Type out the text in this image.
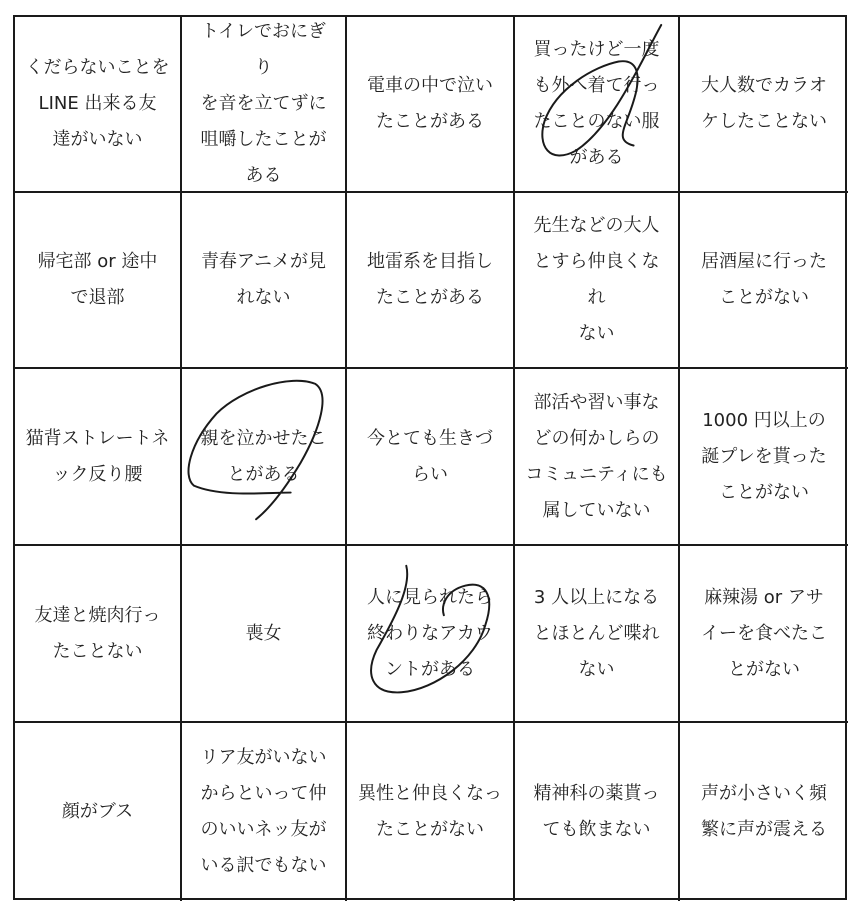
くだらないことを
LINE 出来る友
達がいない
トイレでおにぎり
を音を立てずに
咀嚼したことが
ある
電車の中で泣い
たことがある
買ったけど一度
も外へ着て行っ
たことのない服
がある
大人数でカラオ
ケしたことない
帰宅部 or 途中
で退部
青春アニメが見
れない
地雷系を目指し
たことがある
先生などの大人
とすら仲良くなれ
ない
居酒屋に行った
ことがない
猫背ストレートネ
ック反り腰
親を泣かせたこ
とがある
今とても生きづ
らい
部活や習い事な
どの何かしらの
コミュニティにも
属していない
1000 円以上の
誕プレを貰った
ことがない
友達と焼肉行っ
たことない
喪女
人に見られたら
終わりなアカウ
ントがある
3 人以上になる
とほとんど喋れ
ない
麻辣湯 or アサ
イーを食べたこ
とがない
顔がブス
リア友がいない
からといって仲
のいいネッ友が
いる訳でもない
異性と仲良くなっ
たことがない
精神科の薬貰っ
ても飲まない
声が小さいく頻
繁に声が震える
